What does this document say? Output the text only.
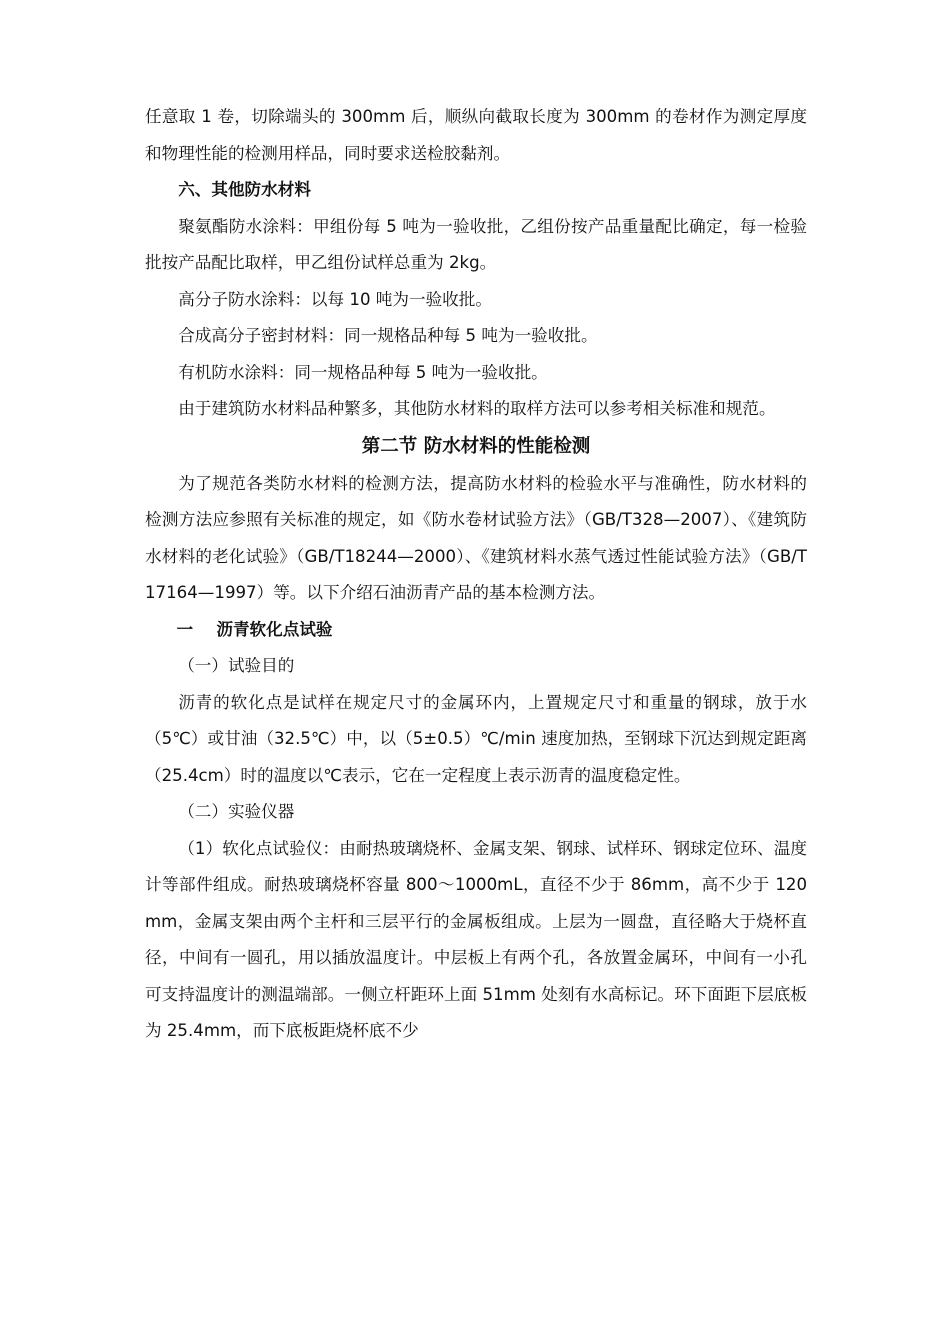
任意取 1 卷，切除端头的 300mm 后，顺纵向截取长度为 300mm 的卷材作为测定厚度和物理性能的检测用样品，同时要求送检胶黏剂。

六、其他防水材料

聚氨酯防水涂料：甲组份每 5 吨为一验收批，乙组份按产品重量配比确定，每一检验批按产品配比取样，甲乙组份试样总重为 2kg。

高分子防水涂料：以每 10 吨为一验收批。

合成高分子密封材料：同一规格品种每 5 吨为一验收批。

有机防水涂料：同一规格品种每 5 吨为一验收批。

由于建筑防水材料品种繁多，其他防水材料的取样方法可以参考相关标准和规范。

第二节 防水材料的性能检测

为了规范各类防水材料的检测方法，提高防水材料的检验水平与准确性，防水材料的检测方法应参照有关标准的规定，如《防水卷材试验方法》（GB/T328—2007）、《建筑防水材料的老化试验》（GB/T18244—2000）、《建筑材料水蒸气透过性能试验方法》（GB/T17164—1997）等。以下介绍石油沥青产品的基本检测方法。

一 沥青软化点试验

（一）试验目的

沥青的软化点是试样在规定尺寸的金属环内，上置规定尺寸和重量的钢球，放于水（5℃）或甘油（32.5℃）中，以（5±0.5）℃/min 速度加热，至钢球下沉达到规定距离（25.4cm）时的温度以℃表示，它在一定程度上表示沥青的温度稳定性。

（二）实验仪器

（1）软化点试验仪：由耐热玻璃烧杯、金属支架、钢球、试样环、钢球定位环、温度计等部件组成。耐热玻璃烧杯容量 800～1000mL，直径不少于 86mm，高不少于 120mm，金属支架由两个主杆和三层平行的金属板组成。上层为一圆盘，直径略大于烧杯直径，中间有一圆孔，用以插放温度计。中层板上有两个孔，各放置金属环，中间有一小孔可支持温度计的测温端部。一侧立杆距环上面 51mm 处刻有水高标记。环下面距下层底板为 25.4mm，而下底板距烧杯底不少
